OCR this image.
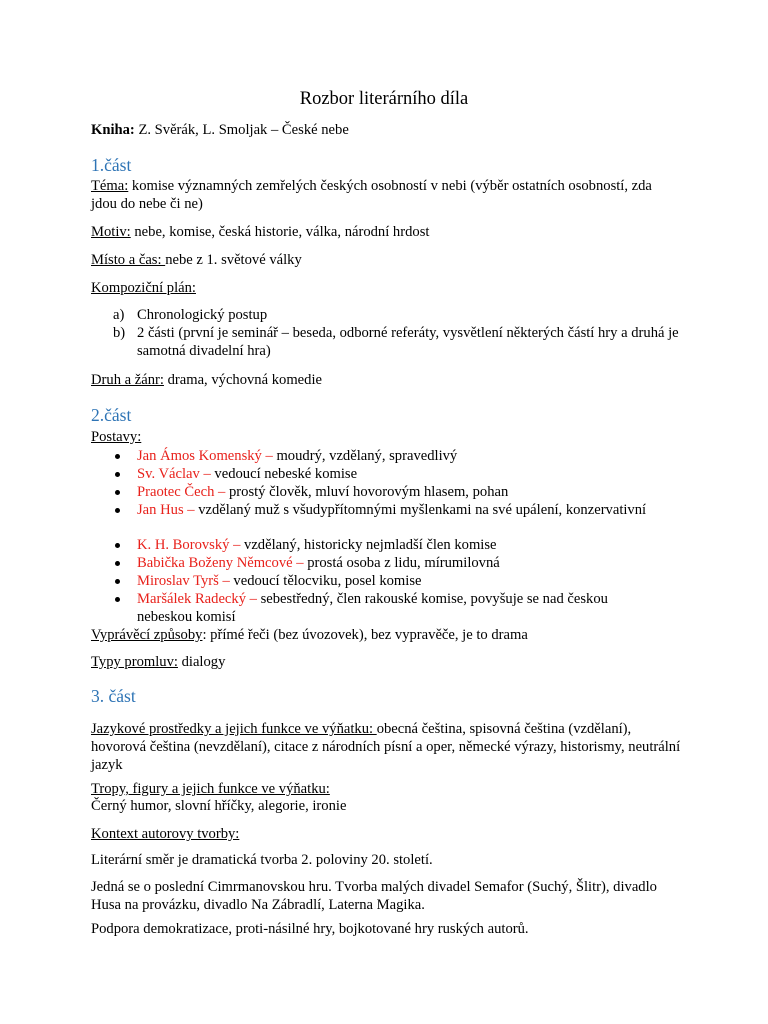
Rozbor literárního díla
Kniha: Z. Svěrák, L. Smoljak – České nebe
1.část
Téma: komise významných zemřelých českých osobností v nebi (výběr ostatních osobností, zda jdou do nebe či ne)
Motiv: nebe, komise, česká historie, válka, národní hrdost
Místo a čas: nebe z 1. světové války
Kompoziční plán:
a) Chronologický postup
b) 2 části (první je seminář – beseda, odborné referáty, vysvětlení některých částí hry a druhá je samotná divadelní hra)
Druh a žánr: drama, výchovná komedie
2.část
Postavy:
Jan Ámos Komenský – moudrý, vzdělaný, spravedlivý
Sv. Václav – vedoucí nebeské komise
Praotec Čech – prostý člověk, mluví hovorovým hlasem, pohan
Jan Hus – vzdělaný muž s všudypřítomnými myšlenkami na své upálení, konzervativní
K. H. Borovský – vzdělaný, historicky nejmladší člen komise
Babička Boženy Němcové – prostá osoba z lidu, mírumilovná
Miroslav Tyrš – vedoucí tělocviku, posel komise
Maršálek Radecký – sebestředný, člen rakouské komise, povyšuje se nad českou nebeskou komisí
Vyprávěcí způsoby: přímé řeči (bez úvozovek), bez vypravěče, je to drama
Typy promluv: dialogy
3. část
Jazykové prostředky a jejich funkce ve výňatku: obecná čeština, spisovná čeština (vzdělaní), hovorová čeština (nevzdělaní), citace z národních písní a oper, německé výrazy, historismy, neutrální jazyk
Tropy, figury a jejich funkce ve výňatku:
Černý humor, slovní hříčky, alegorie, ironie
Kontext autorovy tvorby:
Literární směr je dramatická tvorba 2. poloviny 20. století.
Jedná se o poslední Cimrmanovskou hru. Tvorba malých divadel Semafor (Suchý, Šlitr), divadlo Husa na provázku, divadlo Na Zábradlí, Laterna Magika.
Podpora demokratizace, proti-násilné hry, bojkotované hry ruských autorů.
